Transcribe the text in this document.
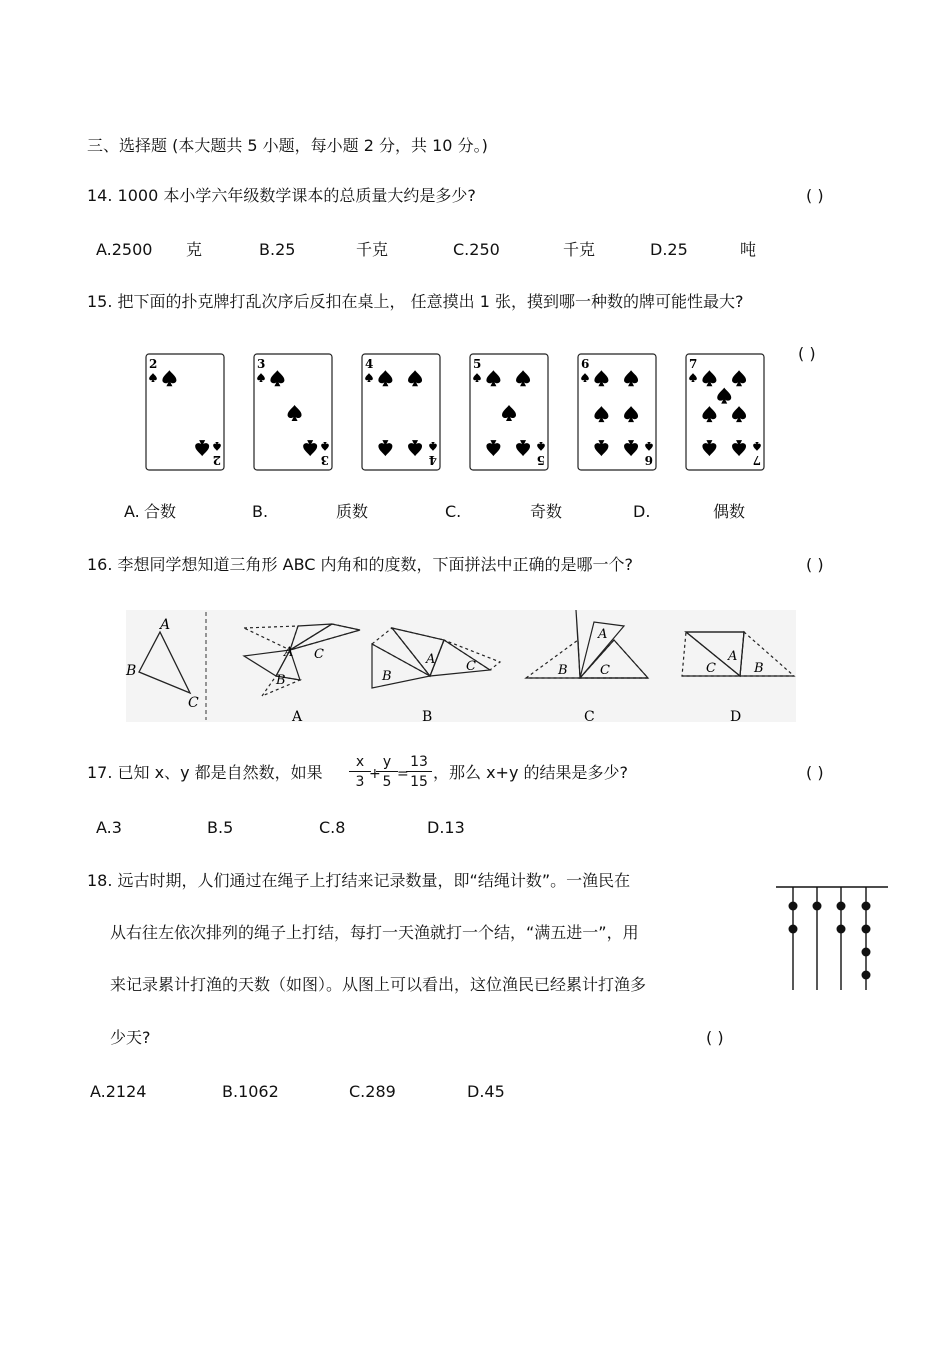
三、选择题 (本大题共 5 小题，每小题 2 分，共 10 分。)
14. 1000 本小学六年级数学课本的总质量大约是多少?	( )
A.2500 克	B.25	千克	C.250	千克	D.25	吨
15. 把下面的扑克牌打乱次序后反扣在桌上， 任意摸出 1 张，摸到哪一种数的牌可能性最大?
( )
2
2
3
3
4
4
5
5
6
6
7
7
A. 合数	B.	质数	C.	奇数	D.	偶数
16. 李想同学想知道三角形 ABC 内角和的度数，下面拼法中正确的是哪一个?	( )
A
B
C
A C
B	B
A C	B
A
C	C
A
B
A	B	C	D
17. 已知 x、y 都是自然数，如果 $\frac{x}{3}$
+
$\frac{y}{5}$ =
$\frac{13}{15}$ ，那么 x+y 的结果是多少?	( )
A.3	B.5	C.8	D.13
18. 远古时期，人们通过在绳子上打结来记录数量，即“结绳计数”。一渔民在
从右往左依次排列的绳子上打结，每打一天渔就打一个结，“满五进一”，用
来记录累计打渔的天数（如图）。从图上可以看出，这位渔民已经累计打渔多
少天?	( )
A.2124	B.1062	C.289	D.45
